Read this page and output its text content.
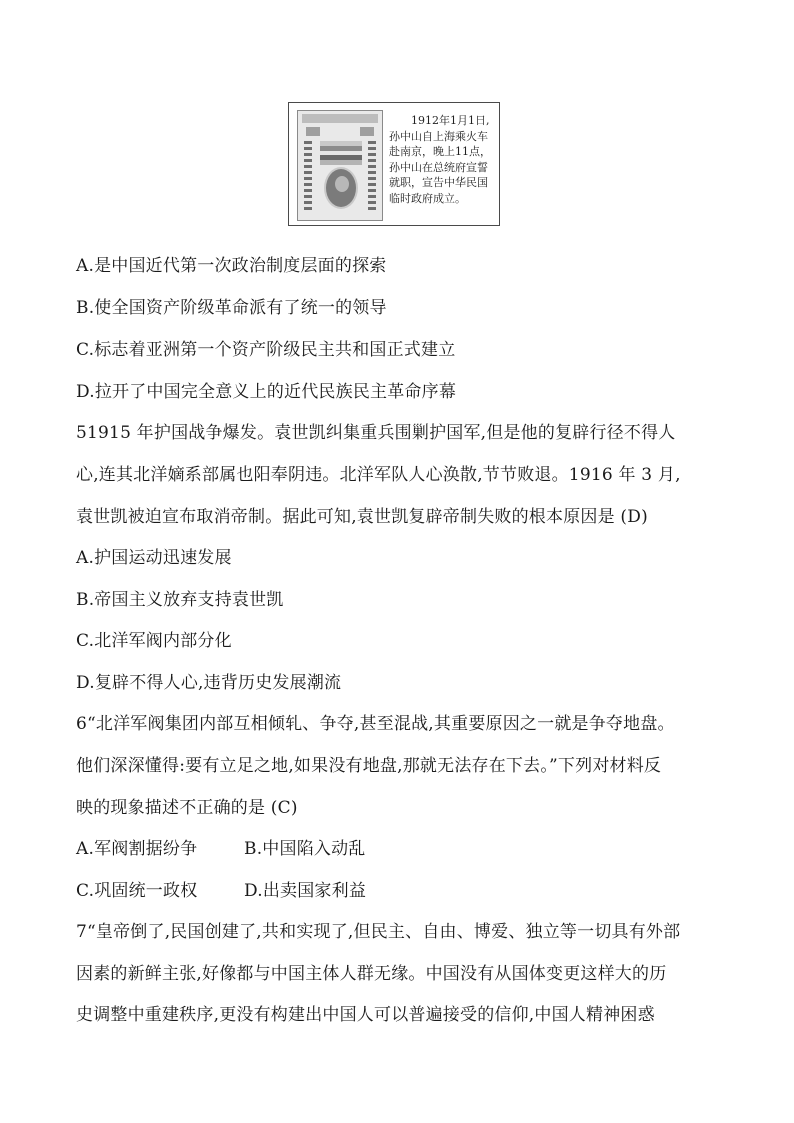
1912年1月1日,
孙中山自上海乘火车
赴南京，晚上11点，
孙中山在总统府宣誓
就职，宣告中华民国
临时政府成立。
A.是中国近代第一次政治制度层面的探索
B.使全国资产阶级革命派有了统一的领导
C.标志着亚洲第一个资产阶级民主共和国正式建立
D.拉开了中国完全意义上的近代民族民主革命序幕
51915 年护国战争爆发。袁世凯纠集重兵围剿护国军,但是他的复辟行径不得人
心,连其北洋嫡系部属也阳奉阴违。北洋军队人心涣散,节节败退。1916 年 3 月,
袁世凯被迫宣布取消帝制。据此可知,袁世凯复辟帝制失败的根本原因是 (D)
A.护国运动迅速发展
B.帝国主义放弃支持袁世凯
C.北洋军阀内部分化
D.复辟不得人心,违背历史发展潮流
6“北洋军阀集团内部互相倾轧、争夺,甚至混战,其重要原因之一就是争夺地盘。
他们深深懂得:要有立足之地,如果没有地盘,那就无法存在下去。”下列对材料反
映的现象描述不正确的是 (C)
A.军阀割据纷争	B.中国陷入动乱
C.巩固统一政权	D.出卖国家利益
7“皇帝倒了,民国创建了,共和实现了,但民主、自由、博爱、独立等一切具有外部
因素的新鲜主张,好像都与中国主体人群无缘。中国没有从国体变更这样大的历
史调整中重建秩序,更没有构建出中国人可以普遍接受的信仰,中国人精神困惑
